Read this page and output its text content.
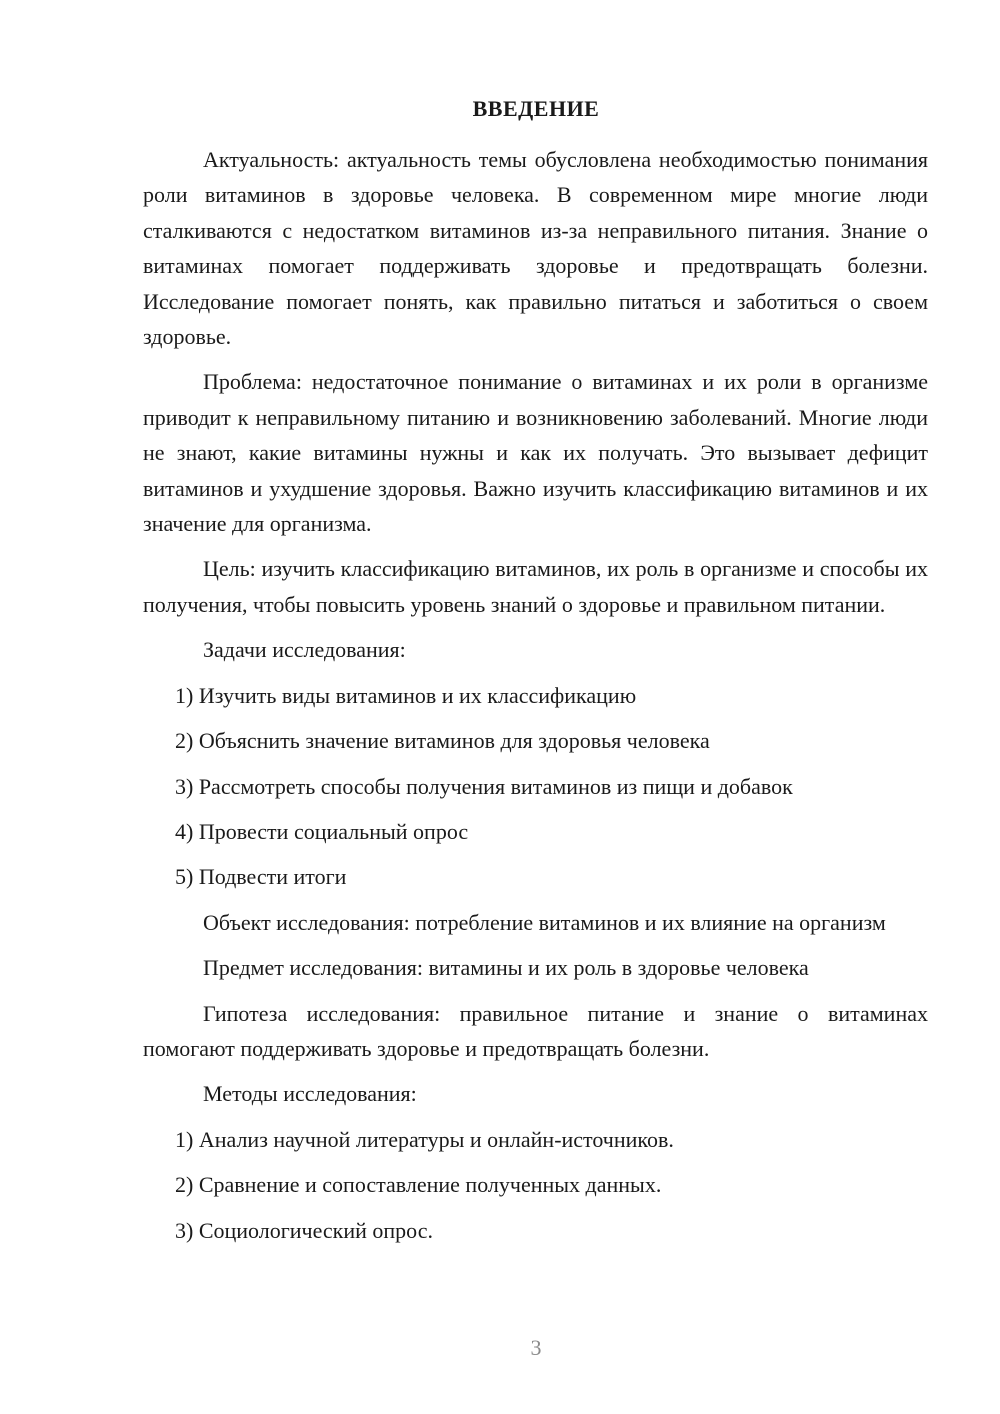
ВВЕДЕНИЕ

Актуальность: актуальность темы обусловлена необходимостью понимания роли витаминов в здоровье человека. В современном мире многие люди сталкиваются с недостатком витаминов из-за неправильного питания. Знание о витаминах помогает поддерживать здоровье и предотвращать болезни. Исследование помогает понять, как правильно питаться и заботиться о своем здоровье.

Проблема: недостаточное понимание о витаминах и их роли в организме приводит к неправильному питанию и возникновению заболеваний. Многие люди не знают, какие витамины нужны и как их получать. Это вызывает дефицит витаминов и ухудшение здоровья. Важно изучить классификацию витаминов и их значение для организма.

Цель: изучить классификацию витаминов, их роль в организме и способы их получения, чтобы повысить уровень знаний о здоровье и правильном питании.

Задачи исследования:

1) Изучить виды витаминов и их классификацию

2) Объяснить значение витаминов для здоровья человека

3) Рассмотреть способы получения витаминов из пищи и добавок

4) Провести социальный опрос

5) Подвести итоги

Объект исследования: потребление витаминов и их влияние на организм

Предмет исследования: витамины и их роль в здоровье человека

Гипотеза исследования: правильное питание и знание о витаминах помогают поддерживать здоровье и предотвращать болезни.

Методы исследования:

1) Анализ научной литературы и онлайн-источников.

2) Сравнение и сопоставление полученных данных.

3) Социологический опрос.

3
